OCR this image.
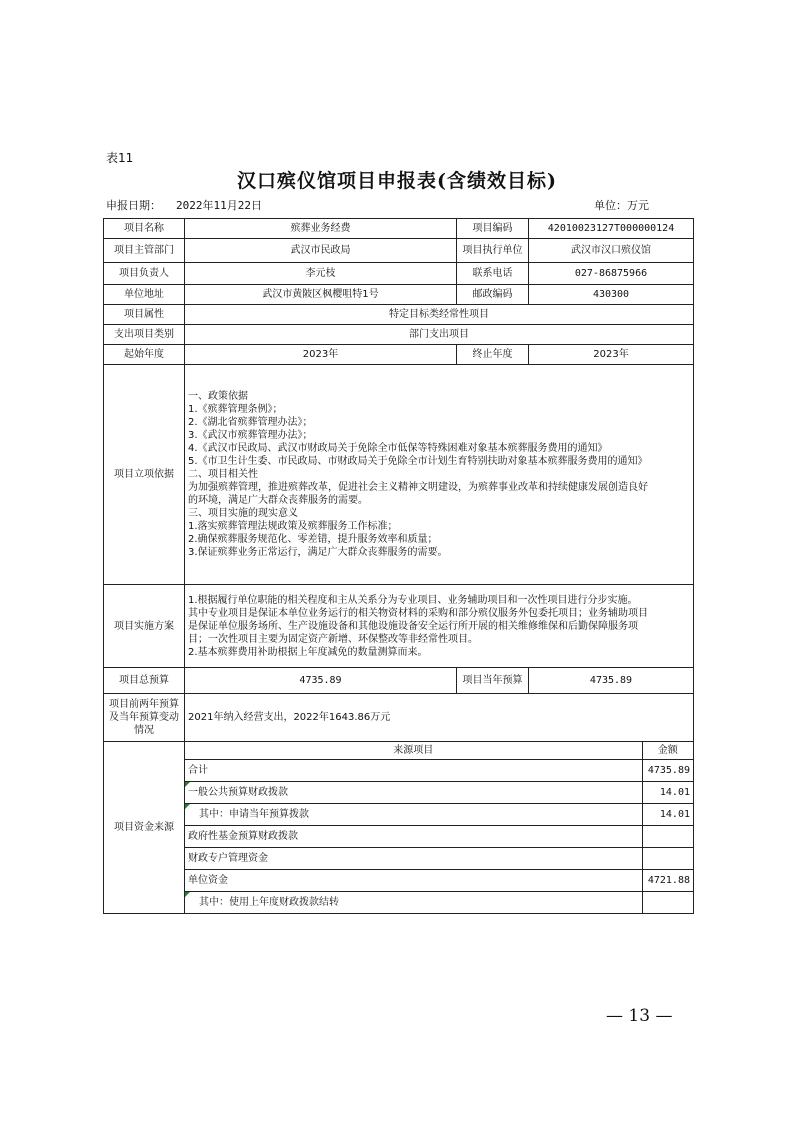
表11
汉口殡仪馆项目申报表(含绩效目标)
申报日期： 2022年11月22日	单位：万元
项目名称	殡葬业务经费	项目编码	42010023127T000000124
项目主管部门	武汉市民政局	项目执行单位	武汉市汉口殡仪馆
项目负责人	李元枝	联系电话	027-86875966
单位地址	武汉市黄陂区枫樱咀特1号	邮政编码	430300
项目属性	特定目标类经常性项目
支出项目类别	部门支出项目
起始年度	2023年	终止年度	2023年
项目立项依据	
一、政策依据
1.《殡葬管理条例》；
2.《湖北省殡葬管理办法》；
3.《武汉市殡葬管理办法》；
4.《武汉市民政局、武汉市财政局关于免除全市低保等特殊困难对象基本殡葬服务费用的通知》
5.《市卫生计生委、市民政局、市财政局关于免除全市计划生育特别扶助对象基本殡葬服务费用的通知》
二、项目相关性
为加强殡葬管理，推进殡葬改革，促进社会主义精神文明建设，为殡葬事业改革和持续健康发展创造良好
的环境，满足广大群众丧葬服务的需要。
三、项目实施的现实意义
1.落实殡葬管理法规政策及殡葬服务工作标准；
2.确保殡葬服务规范化、零差错，提升服务效率和质量；
3.保证殡葬业务正常运行，满足广大群众丧葬服务的需要。

项目实施方案	
1.根据履行单位职能的相关程度和主从关系分为专业项目、业务辅助项目和一次性项目进行分步实施。
其中专业项目是保证本单位业务运行的相关物资材料的采购和部分殡仪服务外包委托项目；业务辅助项目
是保证单位服务场所、生产设施设备和其他设施设备安全运行所开展的相关维修维保和后勤保障服务项
目；一次性项目主要为固定资产新增、环保整改等非经常性项目。
2.基本殡葬费用补助根据上年度减免的数量测算而来。

项目总预算	4735.89	项目当年预算	4735.89
项目前两年预算及当年预算变动情况	2021年纳入经营支出，2022年1643.86万元
项目资金来源	
来源项目	金额
合计	4735.89
一般公共预算财政拨款	14.01
其中：申请当年预算拨款	14.01
政府性基金预算财政拨款	
财政专户管理资金	
单位资金	4721.88
其中：使用上年度财政拨款结转	
— 13 —
